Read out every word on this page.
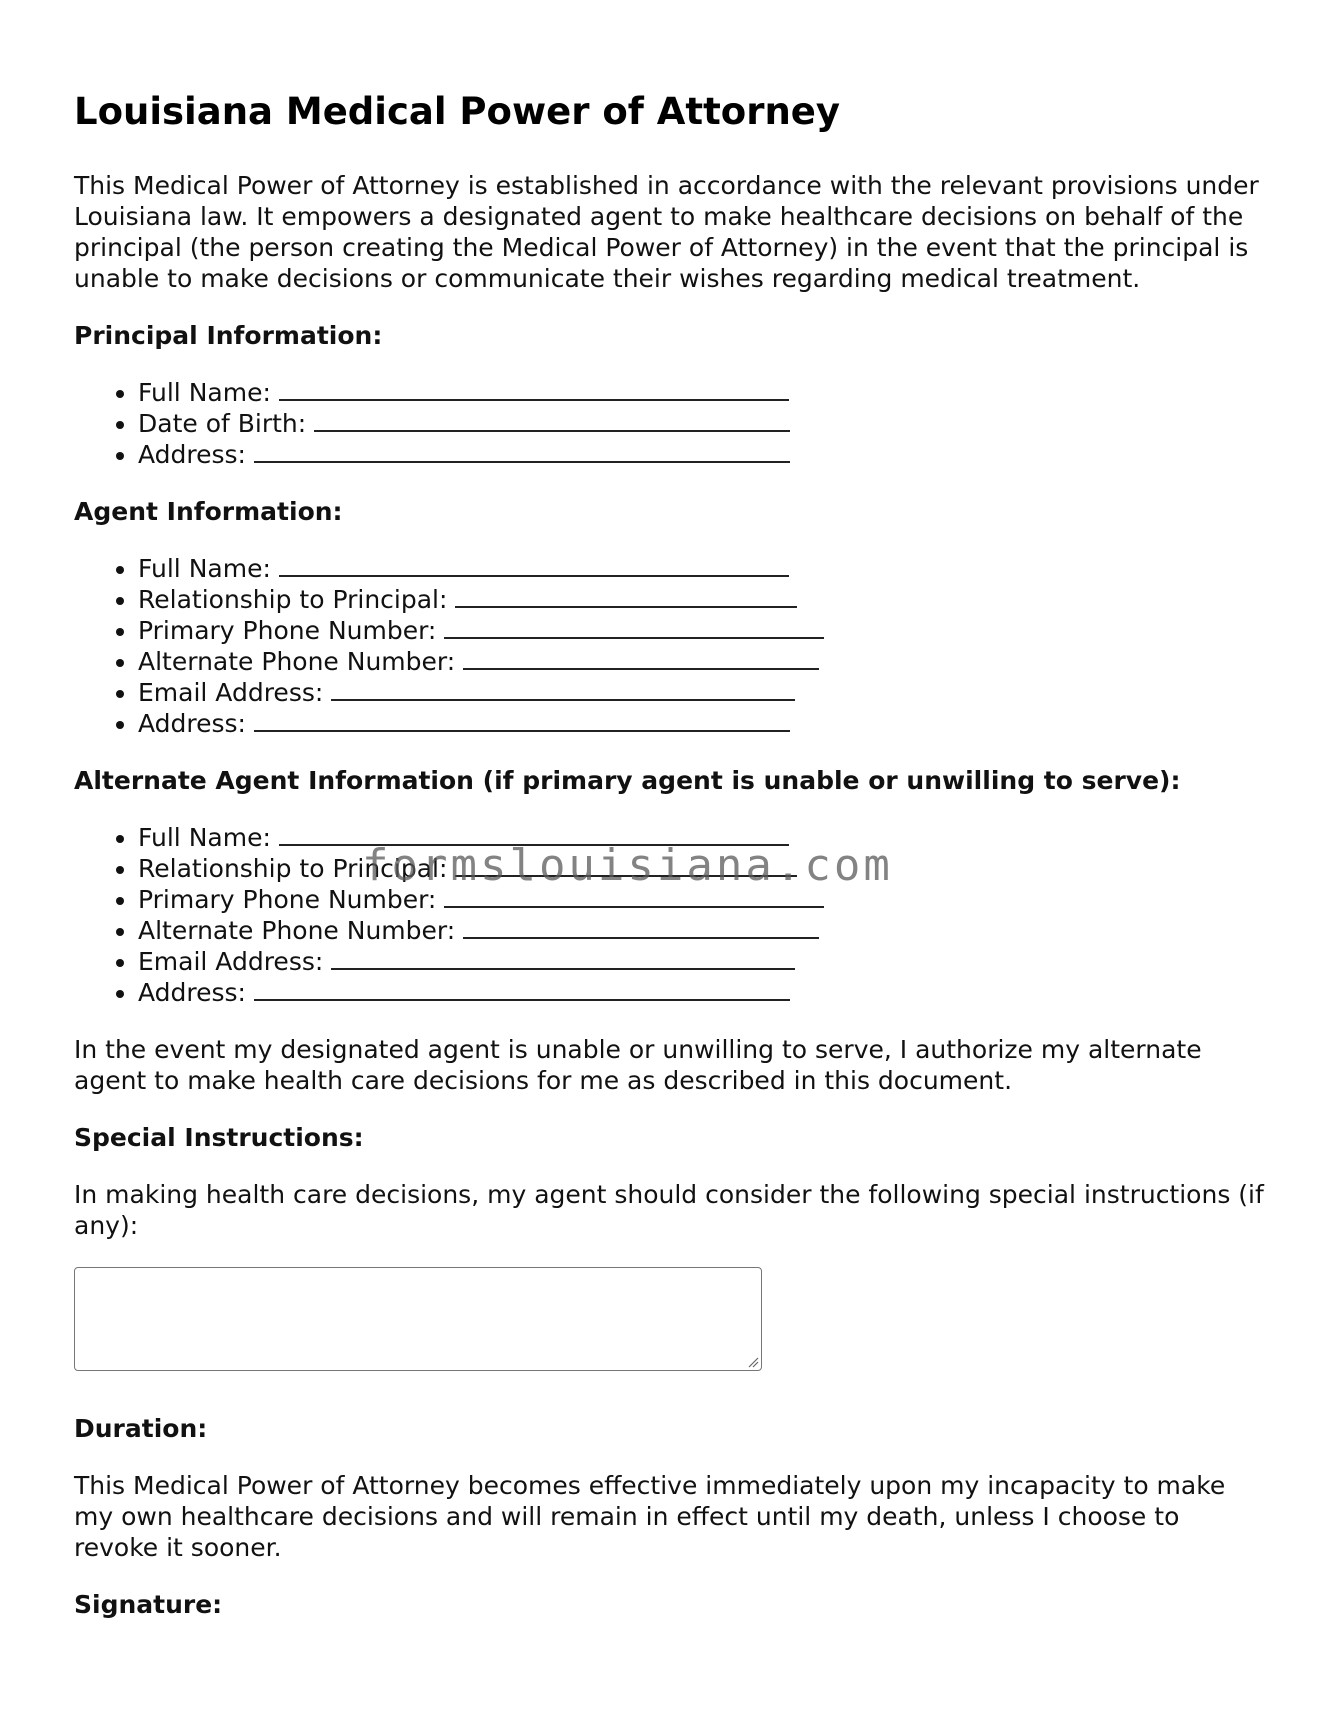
Louisiana Medical Power of Attorney

This Medical Power of Attorney is established in accordance with the relevant provisions under Louisiana law. It empowers a designated agent to make healthcare decisions on behalf of the principal (the person creating the Medical Power of Attorney) in the event that the principal is unable to make decisions or communicate their wishes regarding medical treatment.

Principal Information:
• Full Name:
• Date of Birth:
• Address:
Agent Information:
• Full Name:
• Relationship to Principal:
• Primary Phone Number:
• Alternate Phone Number:
• Email Address:
• Address:
Alternate Agent Information (if primary agent is unable or unwilling to serve):
• Full Name:
• Relationship to Principal:
• Primary Phone Number:
• Alternate Phone Number:
• Email Address:
• Address:

In the event my designated agent is unable or unwilling to serve, I authorize my alternate agent to make health care decisions for me as described in this document.

Special Instructions:

In making health care decisions, my agent should consider the following special instructions (if any):

Duration:

This Medical Power of Attorney becomes effective immediately upon my incapacity to make my own healthcare decisions and will remain in effect until my death, unless I choose to revoke it sooner.

Signature:
formslouisiana.com
